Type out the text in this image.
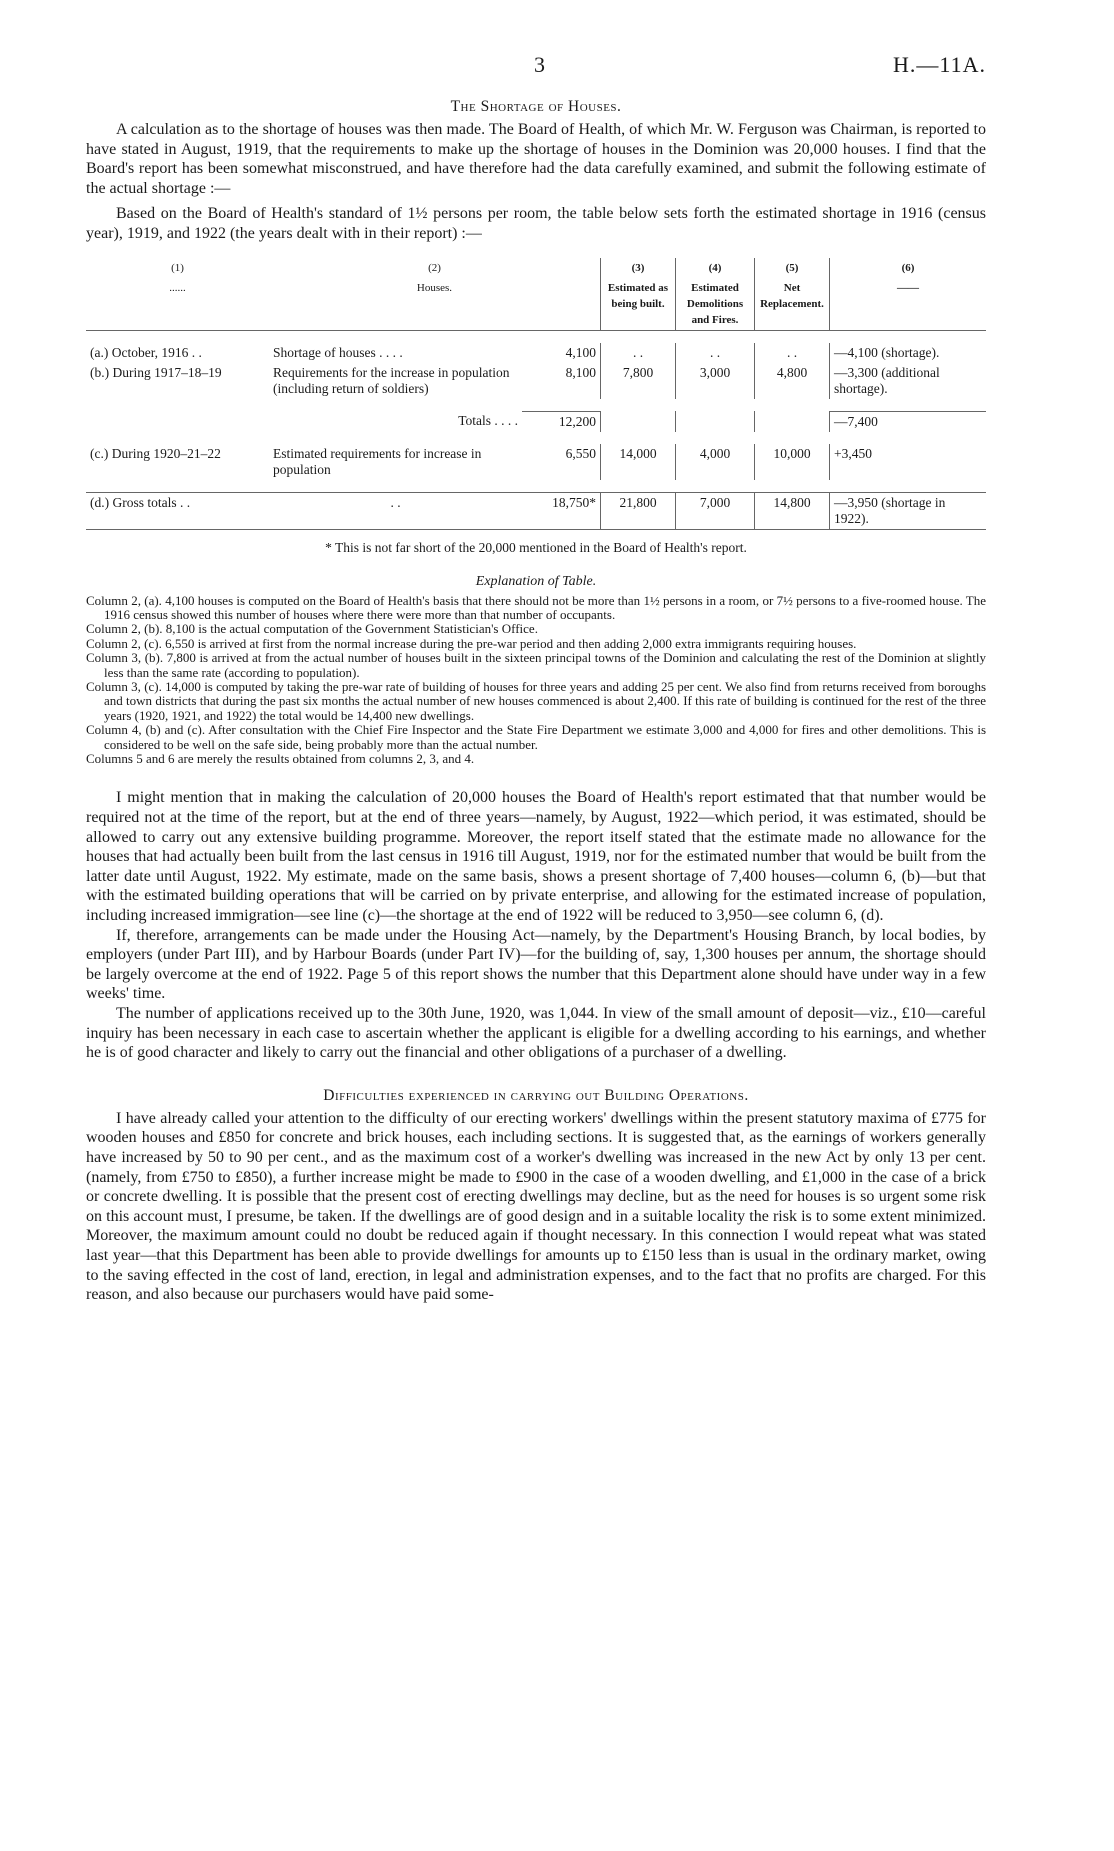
3	H.—11A.
The Shortage of Houses.

A calculation as to the shortage of houses was then made. The Board of Health, of which Mr. W. Ferguson was Chairman, is reported to have stated in August, 1919, that the requirements to make up the shortage of houses in the Dominion was 20,000 houses. I find that the Board's report has been somewhat misconstrued, and have therefore had the data carefully examined, and submit the following estimate of the actual shortage :—

Based on the Board of Health's standard of 1½ persons per room, the table below sets forth the estimated shortage in 1916 (census year), 1919, and 1922 (the years dealt with in their report) :—

(1)	(2)		(3)	(4)	(5)	(6)
......	Houses.		Estimated as being built.	Estimated Demolitions and Fires.	Net Replacement.	——

(a.) October, 1916 . .	Shortage of houses . . . .	4,100	. .	. .	. .	—4,100 (shortage).
(b.) During 1917–18–19	Requirements for the increase in population (including return of soldiers)	8,100	7,800	3,000	4,800	—3,300 (additional shortage).

	Totals . . . .	12,200				—7,400

(c.) During 1920–21–22	Estimated requirements for increase in population	6,550	14,000	4,000	10,000	+3,450

(d.) Gross totals . .	. .	18,750*	21,800	7,000	14,800	—3,950 (shortage in 1922).
* This is not far short of the 20,000 mentioned in the Board of Health's report.
Explanation of Table.
Column 2, (a). 4,100 houses is computed on the Board of Health's basis that there should not be more than 1½ persons in a room, or 7½ persons to a five-roomed house. The 1916 census showed this number of houses where there were more than that number of occupants.
Column 2, (b). 8,100 is the actual computation of the Government Statistician's Office.
Column 2, (c). 6,550 is arrived at first from the normal increase during the pre-war period and then adding 2,000 extra immigrants requiring houses.
Column 3, (b). 7,800 is arrived at from the actual number of houses built in the sixteen principal towns of the Dominion and calculating the rest of the Dominion at slightly less than the same rate (according to population).
Column 3, (c). 14,000 is computed by taking the pre-war rate of building of houses for three years and adding 25 per cent. We also find from returns received from boroughs and town districts that during the past six months the actual number of new houses commenced is about 2,400. If this rate of building is continued for the rest of the three years (1920, 1921, and 1922) the total would be 14,400 new dwellings.
Column 4, (b) and (c). After consultation with the Chief Fire Inspector and the State Fire Department we estimate 3,000 and 4,000 for fires and other demolitions. This is considered to be well on the safe side, being probably more than the actual number.
Columns 5 and 6 are merely the results obtained from columns 2, 3, and 4.

I might mention that in making the calculation of 20,000 houses the Board of Health's report estimated that that number would be required not at the time of the report, but at the end of three years—namely, by August, 1922—which period, it was estimated, should be allowed to carry out any extensive building programme. Moreover, the report itself stated that the estimate made no allowance for the houses that had actually been built from the last census in 1916 till August, 1919, nor for the estimated number that would be built from the latter date until August, 1922. My estimate, made on the same basis, shows a present shortage of 7,400 houses—column 6, (b)—but that with the estimated building operations that will be carried on by private enterprise, and allowing for the estimated increase of population, including increased immigration—see line (c)—the shortage at the end of 1922 will be reduced to 3,950—see column 6, (d).

If, therefore, arrangements can be made under the Housing Act—namely, by the Department's Housing Branch, by local bodies, by employers (under Part III), and by Harbour Boards (under Part IV)—for the building of, say, 1,300 houses per annum, the shortage should be largely overcome at the end of 1922. Page 5 of this report shows the number that this Department alone should have under way in a few weeks' time.

The number of applications received up to the 30th June, 1920, was 1,044. In view of the small amount of deposit—viz., £10—careful inquiry has been necessary in each case to ascertain whether the applicant is eligible for a dwelling according to his earnings, and whether he is of good character and likely to carry out the financial and other obligations of a purchaser of a dwelling.

Difficulties experienced in carrying out Building Operations.

I have already called your attention to the difficulty of our erecting workers' dwellings within the present statutory maxima of £775 for wooden houses and £850 for concrete and brick houses, each including sections. It is suggested that, as the earnings of workers generally have increased by 50 to 90 per cent., and as the maximum cost of a worker's dwelling was increased in the new Act by only 13 per cent. (namely, from £750 to £850), a further increase might be made to £900 in the case of a wooden dwelling, and £1,000 in the case of a brick or concrete dwelling. It is possible that the present cost of erecting dwellings may decline, but as the need for houses is so urgent some risk on this account must, I presume, be taken. If the dwellings are of good design and in a suitable locality the risk is to some extent minimized. Moreover, the maximum amount could no doubt be reduced again if thought necessary. In this connection I would repeat what was stated last year—that this Department has been able to provide dwellings for amounts up to £150 less than is usual in the ordinary market, owing to the saving effected in the cost of land, erection, in legal and administration expenses, and to the fact that no profits are charged. For this reason, and also because our purchasers would have paid some-
